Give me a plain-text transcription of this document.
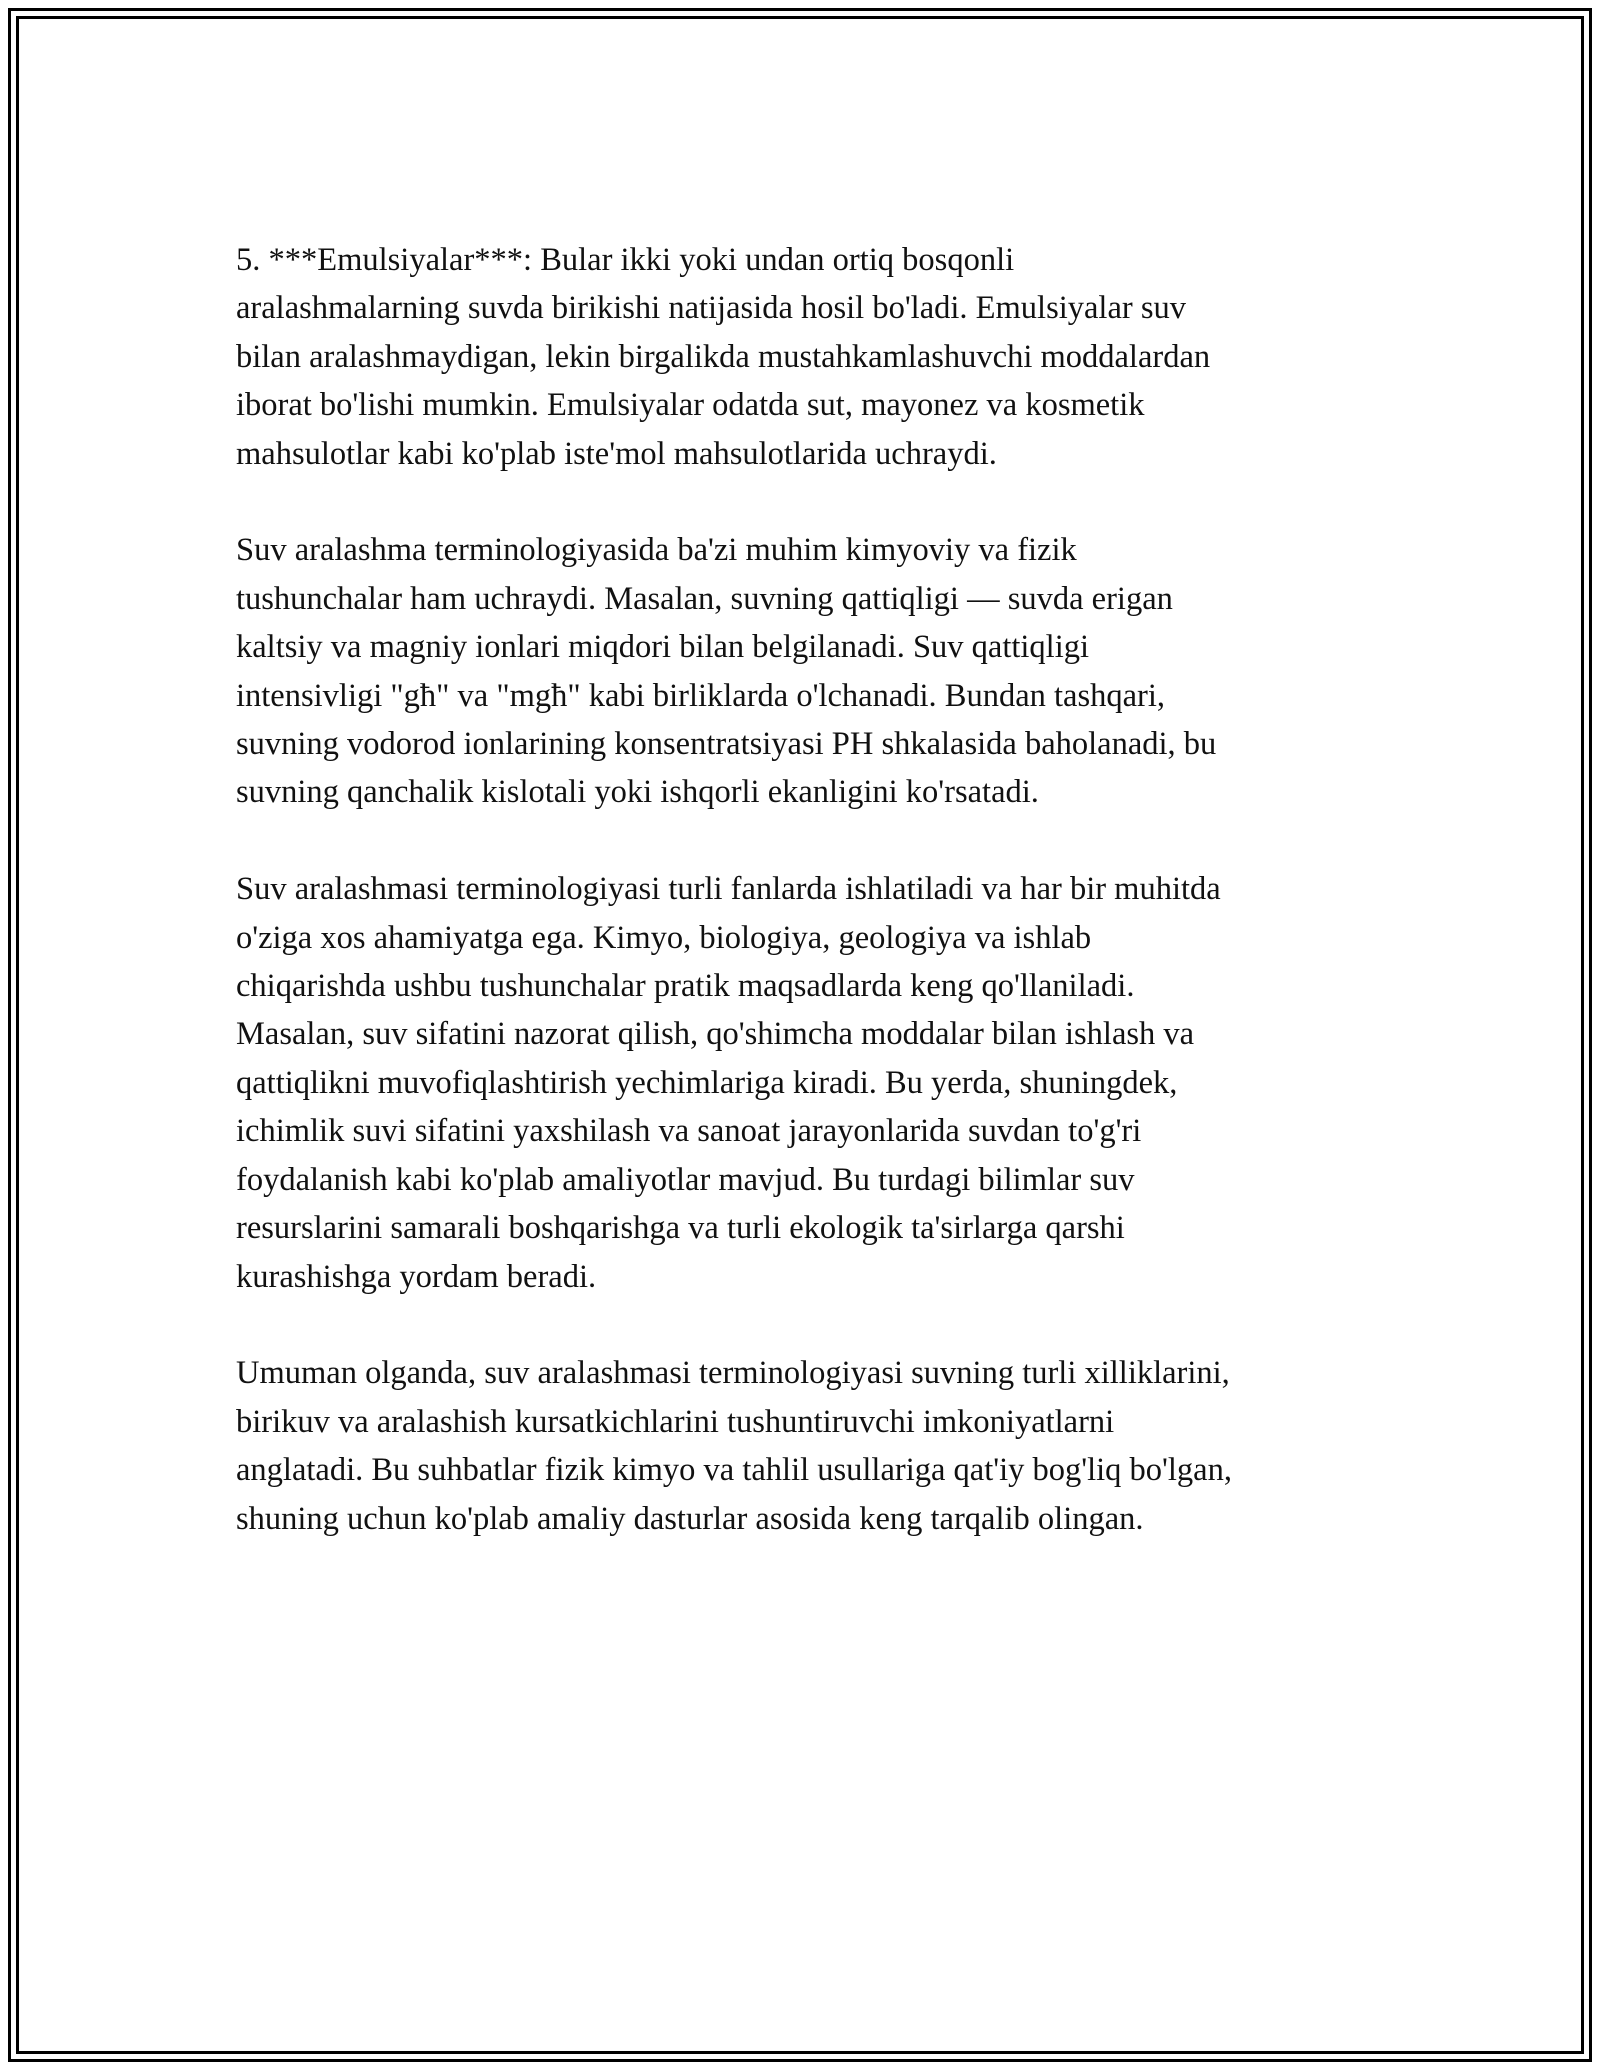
5. ***Emulsiyalar***: Bular ikki yoki undan ortiq bosqonli
aralashmalarning suvda birikishi natijasida hosil bo'ladi. Emulsiyalar suv
bilan aralashmaydigan, lekin birgalikda mustahkamlashuvchi moddalardan
iborat bo'lishi mumkin. Emulsiyalar odatda sut, mayonez va kosmetik
mahsulotlar kabi ko'plab iste'mol mahsulotlarida uchraydi.

Suv aralashma terminologiyasida ba'zi muhim kimyoviy va fizik
tushunchalar ham uchraydi. Masalan, suvning qattiqligi — suvda erigan
kaltsiy va magniy ionlari miqdori bilan belgilanadi. Suv qattiqligi
intensivligi "għ" va "mgħ" kabi birliklarda o'lchanadi. Bundan tashqari,
suvning vodorod ionlarining konsentratsiyasi PH shkalasida baholanadi, bu
suvning qanchalik kislotali yoki ishqorli ekanligini ko'rsatadi.

Suv aralashmasi terminologiyasi turli fanlarda ishlatiladi va har bir muhitda
o'ziga xos ahamiyatga ega. Kimyo, biologiya, geologiya va ishlab
chiqarishda ushbu tushunchalar pratik maqsadlarda keng qo'llaniladi.
Masalan, suv sifatini nazorat qilish, qo'shimcha moddalar bilan ishlash va
qattiqlikni muvofiqlashtirish yechimlariga kiradi. Bu yerda, shuningdek,
ichimlik suvi sifatini yaxshilash va sanoat jarayonlarida suvdan to'g'ri
foydalanish kabi ko'plab amaliyotlar mavjud. Bu turdagi bilimlar suv
resurslarini samarali boshqarishga va turli ekologik ta'sirlarga qarshi
kurashishga yordam beradi.

Umuman olganda, suv aralashmasi terminologiyasi suvning turli xilliklarini,
birikuv va aralashish kursatkichlarini tushuntiruvchi imkoniyatlarni
anglatadi. Bu suhbatlar fizik kimyo va tahlil usullariga qat'iy bog'liq bo'lgan,
shuning uchun ko'plab amaliy dasturlar asosida keng tarqalib olingan.
